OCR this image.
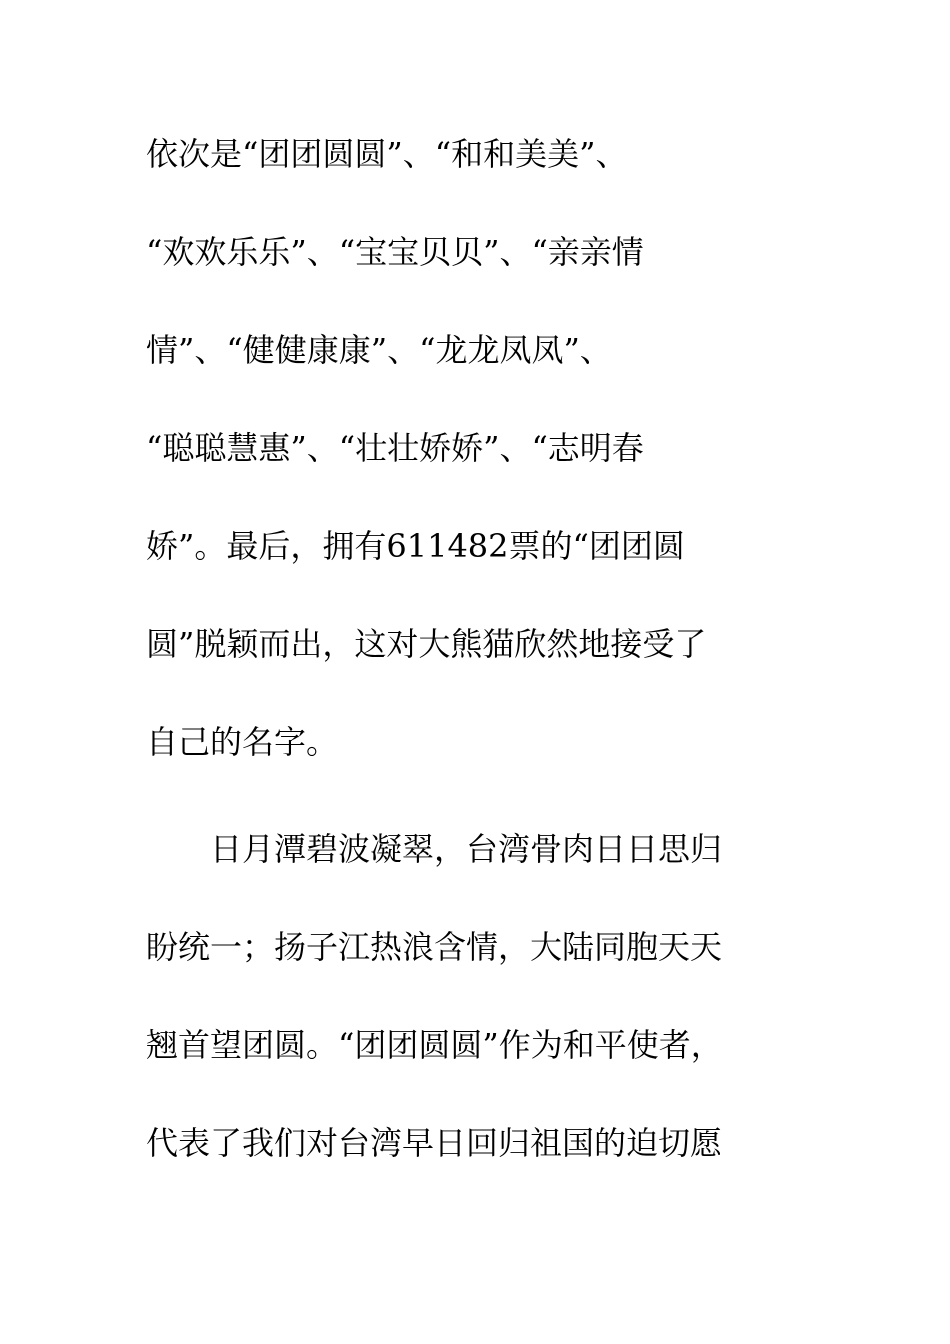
依次是“团团圆圆”、“和和美美”、

“欢欢乐乐”、“宝宝贝贝”、“亲亲情

情”、“健健康康”、“龙龙凤凤”、

“聪聪慧惠”、“壮壮娇娇”、“志明春

娇”。最后，拥有611482票的“团团圆

圆”脱颖而出，这对大熊猫欣然地接受了

自己的名字。

　　日月潭碧波凝翠，台湾骨肉日日思归

盼统一；扬子江热浪含情，大陆同胞天天

翘首望团圆。“团团圆圆”作为和平使者，

代表了我们对台湾早日回归祖国的迫切愿
